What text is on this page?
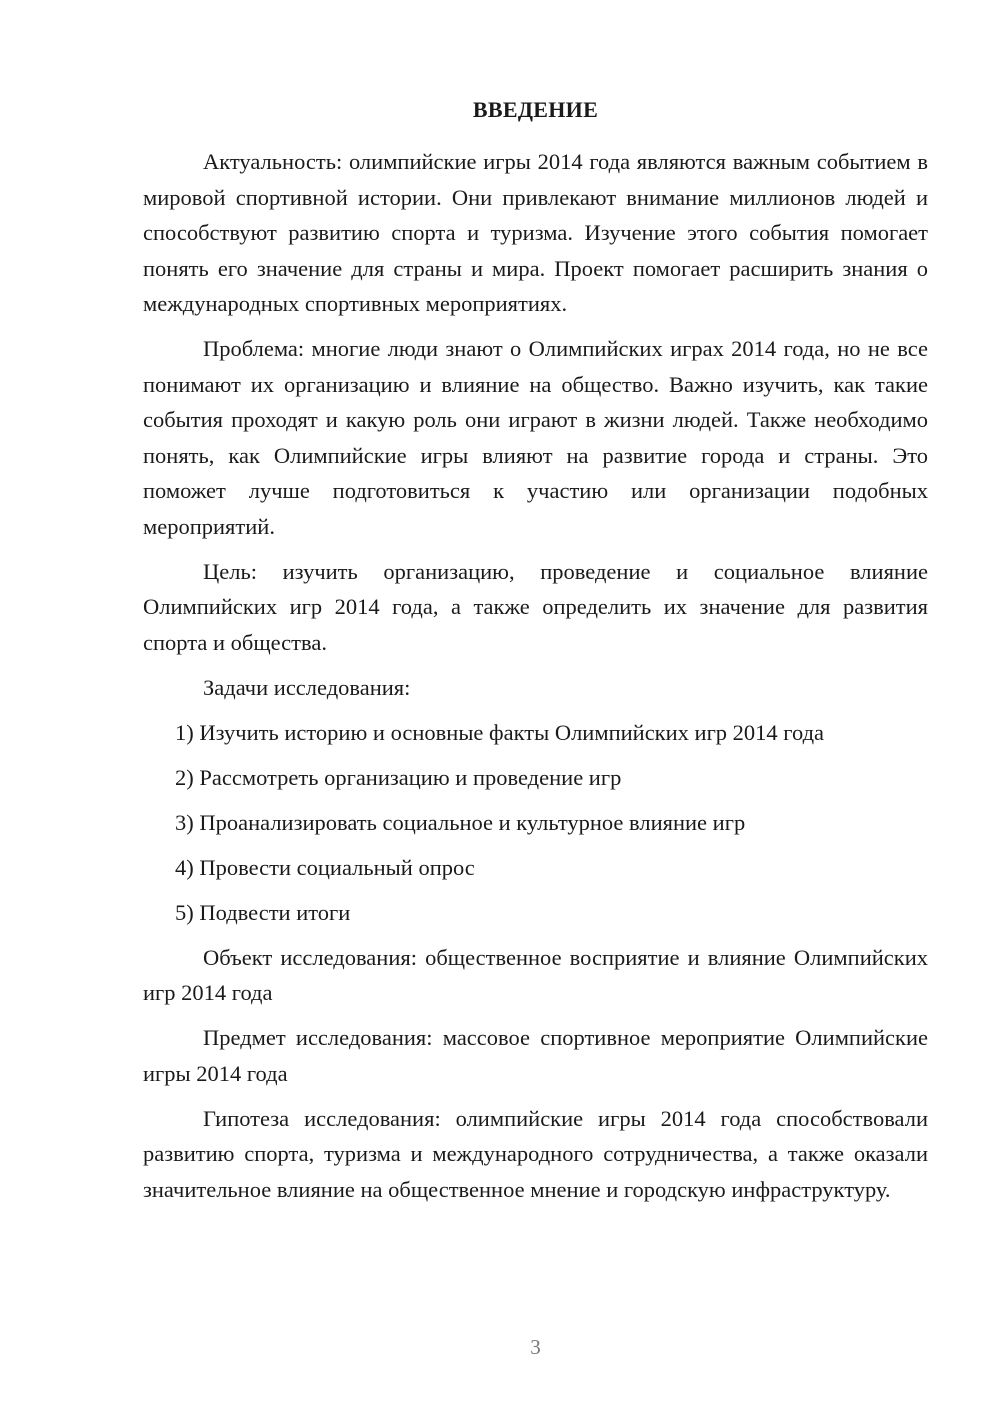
ВВЕДЕНИЕ

Актуальность: олимпийские игры 2014 года являются важным событием в мировой спортивной истории. Они привлекают внимание миллионов людей и способствуют развитию спорта и туризма. Изучение этого события помогает понять его значение для страны и мира. Проект помогает расширить знания о международных спортивных мероприятиях.

Проблема: многие люди знают о Олимпийских играх 2014 года, но не все понимают их организацию и влияние на общество. Важно изучить, как такие события проходят и какую роль они играют в жизни людей. Также необходимо понять, как Олимпийские игры влияют на развитие города и страны. Это поможет лучше подготовиться к участию или организации подобных мероприятий.

Цель: изучить организацию, проведение и социальное влияние Олимпийских игр 2014 года, а также определить их значение для развития спорта и общества.

Задачи исследования:

1) Изучить историю и основные факты Олимпийских игр 2014 года
2) Рассмотреть организацию и проведение игр
3) Проанализировать социальное и культурное влияние игр
4) Провести социальный опрос
5) Подвести итоги

Объект исследования: общественное восприятие и влияние Олимпийских игр 2014 года

Предмет исследования: массовое спортивное мероприятие Олимпийские игры 2014 года

Гипотеза исследования: олимпийские игры 2014 года способствовали развитию спорта, туризма и международного сотрудничества, а также оказали значительное влияние на общественное мнение и городскую инфраструктуру.

3
